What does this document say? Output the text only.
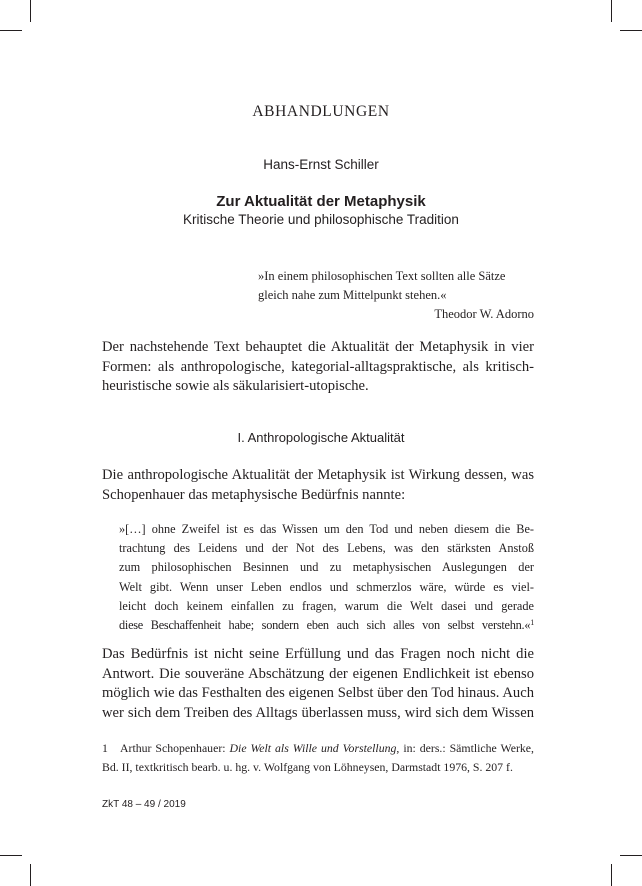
ABHANDLUNGEN
Hans-Ernst Schiller
Zur Aktualität der Metaphysik
Kritische Theorie und philosophische Tradition
»In einem philosophischen Text sollten alle Sätze
gleich nahe zum Mittelpunkt stehen.«
Theodor W. Adorno
Der nachstehende Text behauptet die Aktualität der Metaphysik in vier
Formen: als anthropologische, kategorial-alltagspraktische, als kritisch-
heuristische sowie als säkularisiert-utopische.
I. Anthropologische Aktualität
Die anthropologische Aktualität der Metaphysik ist Wirkung dessen, was
Schopenhauer das metaphysische Bedürfnis nannte:
»[…] ohne Zweifel ist es das Wissen um den Tod und neben diesem die Be-
trachtung des Leidens und der Not des Lebens, was den stärksten Anstoß
zum philosophischen Besinnen und zu metaphysischen Auslegungen der
Welt gibt. Wenn unser Leben endlos und schmerzlos wäre, würde es viel-
leicht doch keinem einfallen zu fragen, warum die Welt dasei und gerade
diese Beschaffenheit habe; sondern eben auch sich alles von selbst verstehn.«$^1$
Das Bedürfnis ist nicht seine Erfüllung und das Fragen noch nicht die
Antwort. Die souveräne Abschätzung der eigenen Endlichkeit ist ebenso
möglich wie das Festhalten des eigenen Selbst über den Tod hinaus. Auch
wer sich dem Treiben des Alltags überlassen muss, wird sich dem Wissen
1 Arthur Schopenhauer: Die Welt als Wille und Vorstellung, in: ders.: Sämtliche Werke,
Bd. II, textkritisch bearb. u. hg. v. Wolfgang von Löhneysen, Darmstadt 1976, S. 207 f.
ZkT 48 – 49 / 2019
